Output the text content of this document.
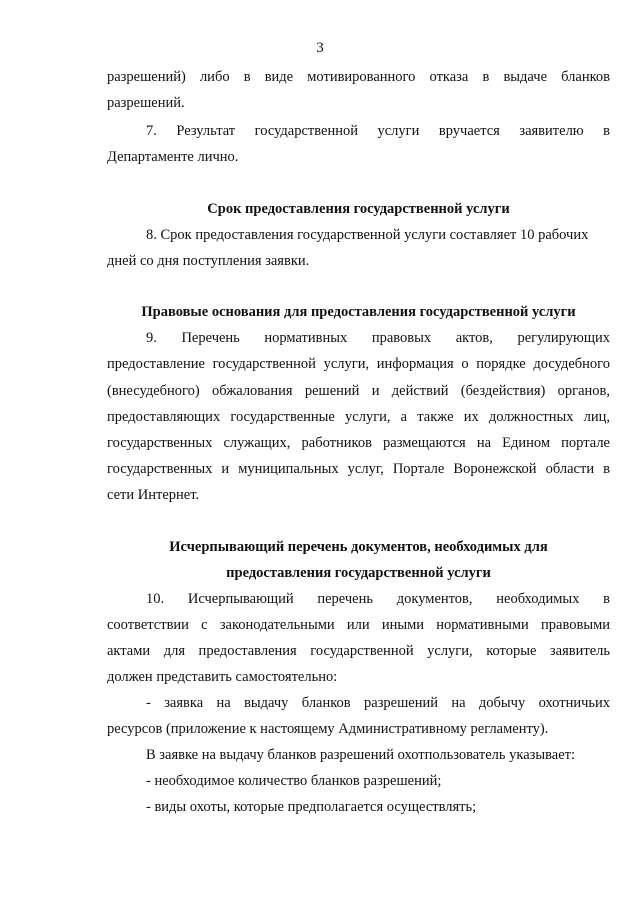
3

разрешений) либо в виде мотивированного отказа в выдаче бланков

разрешений.

7. Результат государственной услуги вручается заявителю в

Департаменте лично.

Срок предоставления государственной услуги

8. Срок предоставления государственной услуги составляет 10 рабочих

дней со дня поступления заявки.

Правовые основания для предоставления государственной услуги

9. Перечень нормативных правовых актов, регулирующих

предоставление государственной услуги, информация о порядке досудебного

(внесудебного) обжалования решений и действий (бездействия) органов,

предоставляющих государственные услуги, а также их должностных лиц,

государственных служащих, работников размещаются на Едином портале

государственных и муниципальных услуг, Портале Воронежской области в

сети Интернет.

Исчерпывающий перечень документов, необходимых для
предоставления государственной услуги

10. Исчерпывающий перечень документов, необходимых в

соответствии с законодательными или иными нормативными правовыми

актами для предоставления государственной услуги, которые заявитель

должен представить самостоятельно:

- заявка на выдачу бланков разрешений на добычу охотничьих

ресурсов (приложение к настоящему Административному регламенту).

В заявке на выдачу бланков разрешений охотпользователь указывает:

- необходимое количество бланков разрешений;

- виды охоты, которые предполагается осуществлять;
